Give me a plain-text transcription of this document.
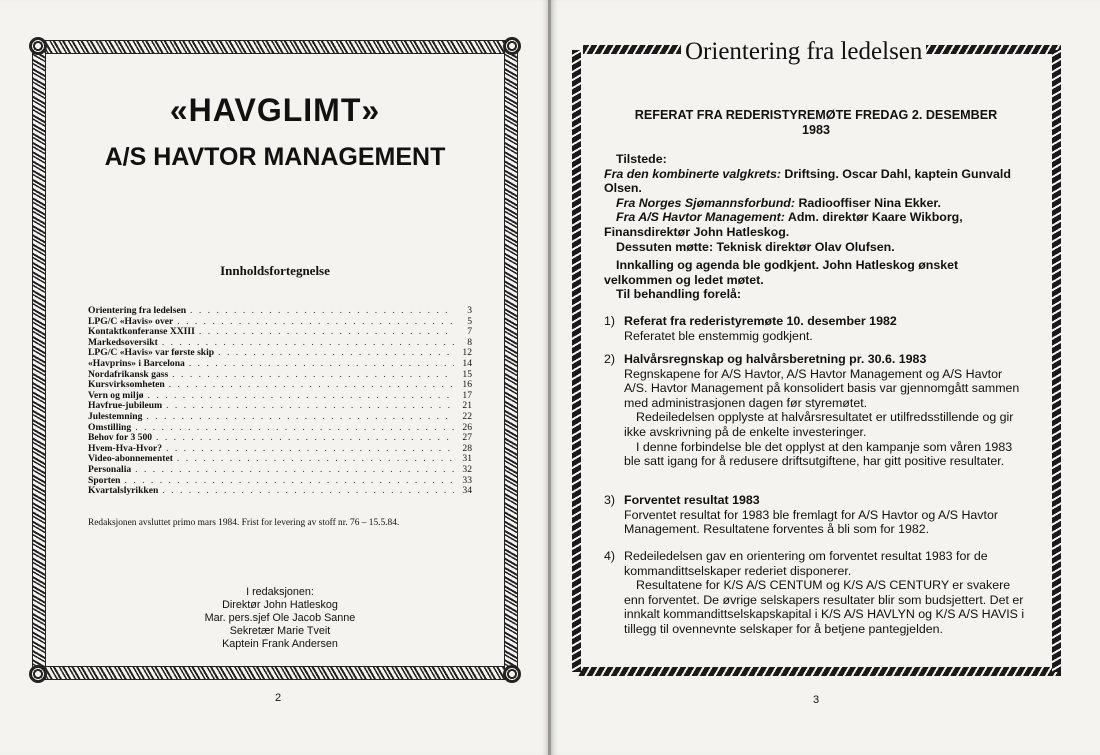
«HAVGLIMT»
A/S HAVTOR MANAGEMENT
Innholdsfortegnelse
Orientering fra ledelsen . . .	3
LPG/C «Havis» over . . .	5
Kontaktkonferanse XXIII . . .	7
Markedsoversikt . . .	8
LPG/C «Havis» var første skip . . .	12
«Havprins» i Barcelona . . .	14
Nordafrikansk gass . . .	15
Kursvirksomheten . . .	16
Vern og miljø . . .	17
Havfrue-jubileum . . .	21
Julestemning . . .	22
Omstilling . . .	26
Behov for 3 500 . . .	27
Hvem-Hva-Hvor? . . .	28
Video-abonnementet . . .	31
Personalia . . .	32
Sporten . . .	33
Kvartalslyrikken . . .	34
Redaksjonen avsluttet primo mars 1984. Frist for levering av stoff nr. 76 – 15.5.84.
I redaksjonen:
Direktør John Hatleskog
Mar. pers.sjef Ole Jacob Sanne
Sekretær Marie Tveit
Kaptein Frank Andersen
2
Orientering fra ledelsen
REFERAT FRA REDERISTYREMØTE FREDAG 2. DESEMBER
1983
Tilstede:
Fra den kombinerte valgkrets: Driftsing. Oscar Dahl, kaptein Gunvald Olsen.
Fra Norges Sjømannsforbund: Radiooffiser Nina Ekker.
Fra A/S Havtor Management: Adm. direktør Kaare Wikborg, Finansdirektør John Hatleskog.
Dessuten møtte: Teknisk direktør Olav Olufsen.
Innkalling og agenda ble godkjent. John Hatleskog ønsket velkommen og ledet møtet.
Til behandling forelå:
1) Referat fra rederistyremøte 10. desember 1982
Referatet ble enstemmig godkjent.
2) Halvårsregnskap og halvårsberetning pr. 30.6. 1983
Regnskapene for A/S Havtor, A/S Havtor Management og A/S Havtor A/S. Havtor Management på konsolidert basis var gjennomgått sammen med administrasjonen dagen før styremøtet.
Redeiledelsen opplyste at halvårsresultatet er utilfredsstillende og gir ikke avskrivning på de enkelte investeringer.
I denne forbindelse ble det opplyst at den kampanje som våren 1983 ble satt igang for å redusere driftsutgiftene, har gitt positive resultater.
3) Forventet resultat 1983
Forventet resultat for 1983 ble fremlagt for A/S Havtor og A/S Havtor Management. Resultatene forventes å bli som for 1982.
4) Redeiledelsen gav en orientering om forventet resultat 1983 for de kommandittselskaper rederiet disponerer.
Resultatene for K/S A/S CENTUM og K/S A/S CENTURY er svakere enn forventet. De øvrige selskapers resultater blir som budsjettert. Det er innkalt kommandittselskapskapital i K/S A/S HAVLYN og K/S A/S HAVIS i tillegg til ovennevnte selskaper for å betjene pantegjelden.
3
